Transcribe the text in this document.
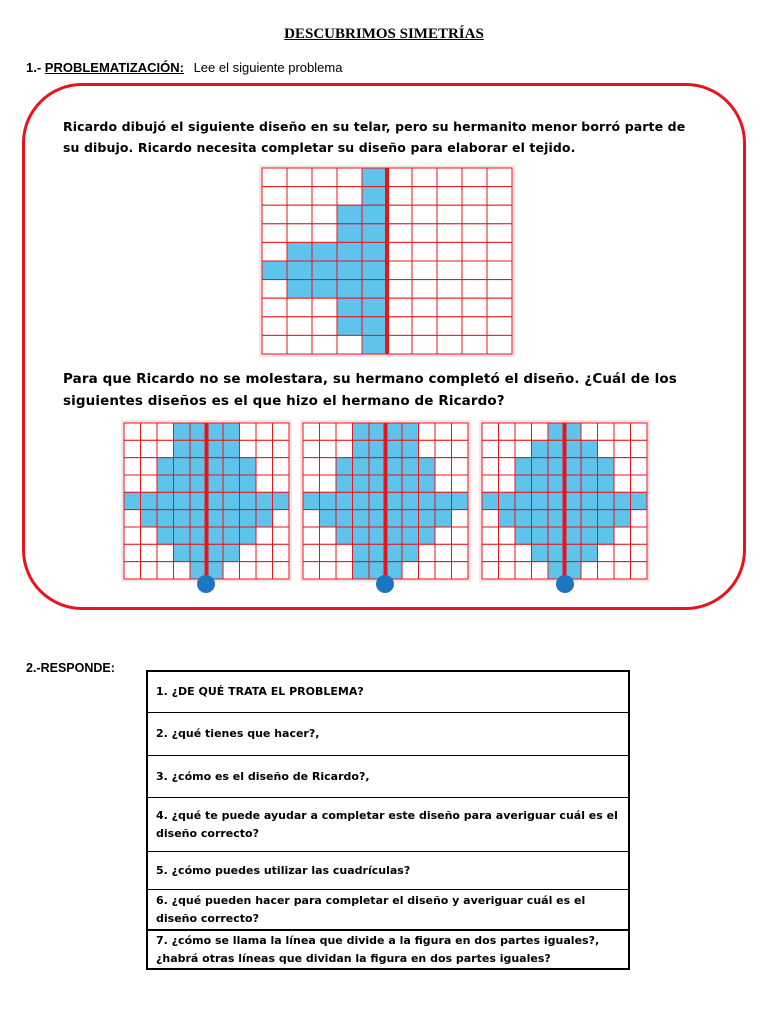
DESCUBRIMOS SIMETRÍAS
1.- PROBLEMATIZACIÓN: Lee el siguiente problema
Ricardo dibujó el siguiente diseño en su telar, pero su hermanito menor borró parte de su dibujo. Ricardo necesita completar su diseño para elaborar el tejido.
Para que Ricardo no se molestara, su hermano completó el diseño. ¿Cuál de los siguientes diseños es el que hizo el hermano de Ricardo?
2.-RESPONDE:
1. ¿DE QUÉ TRATA EL PROBLEMA?
2. ¿qué tienes que hacer?,
3. ¿cómo es el diseño de Ricardo?,
4. ¿qué te puede ayudar a completar este diseño para averiguar cuál es el diseño correcto?
5. ¿cómo puedes utilizar las cuadrículas?
6. ¿qué pueden hacer para completar el diseño y averiguar cuál es el diseño correcto?
7. ¿cómo se llama la línea que divide a la figura en dos partes iguales?, ¿habrá otras líneas que dividan la figura en dos partes iguales?
